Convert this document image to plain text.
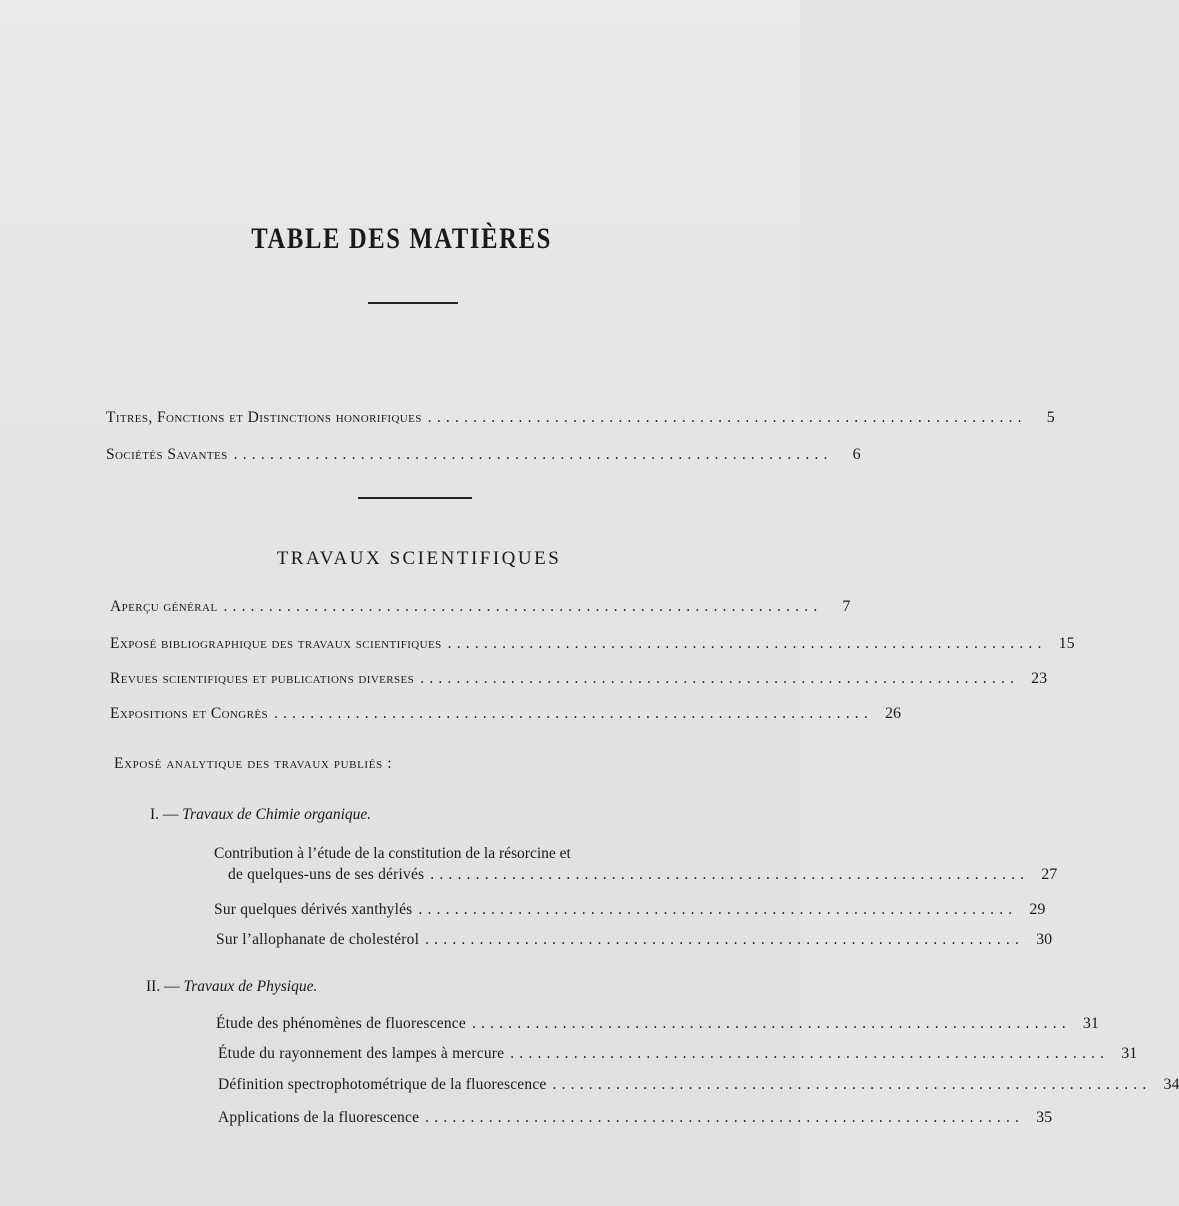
TABLE DES MATIÈRES
Titres, Fonctions et Distinctions honorifiques ..................................................................	5
Sociétés Savantes ..................................................................	6
TRAVAUX SCIENTIFIQUES
Aperçu général ..................................................................	7
Exposé bibliographique des travaux scientifiques .................................................................. 15
Revues scientifiques et publications diverses .................................................................. 23
Expositions et Congrès .................................................................. 26
Exposé analytique des travaux publiés :
I. — Travaux de Chimie organique.
Contribution à l’étude de la constitution de la résorcine et
de quelques-uns de ses dérivés .................................................................. 27
Sur quelques dérivés xanthylés .................................................................. 29
Sur l’allophanate de cholestérol .................................................................. 30
II. — Travaux de Physique.
Étude des phénomènes de fluorescence .................................................................. 31
Étude du rayonnement des lampes à mercure .................................................................. 31
Définition spectrophotométrique de la fluorescence .................................................................. 34
Applications de la fluorescence .................................................................. 35
